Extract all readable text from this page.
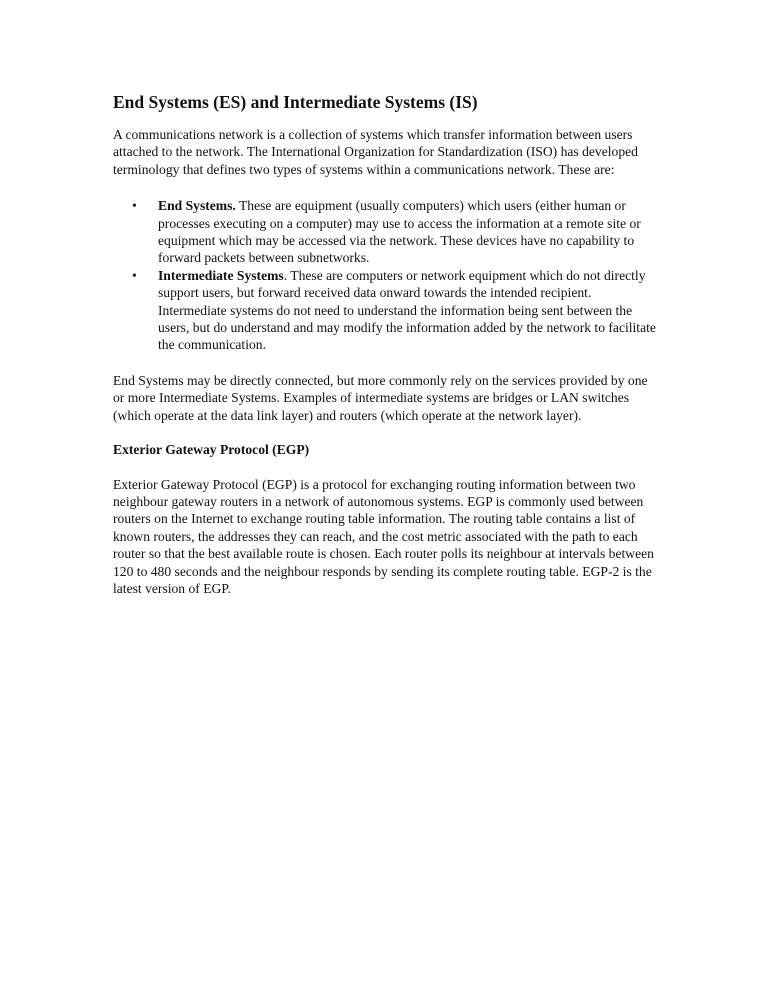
End Systems (ES) and Intermediate Systems (IS)

A communications network is a collection of systems which transfer information between users attached to the network. The International Organization for Standardization (ISO) has developed terminology that defines two types of systems within a communications network. These are:

• End Systems. These are equipment (usually computers) which users (either human or processes executing on a computer) may use to access the information at a remote site or equipment which may be accessed via the network. These devices have no capability to forward packets between subnetworks.
• Intermediate Systems. These are computers or network equipment which do not directly support users, but forward received data onward towards the intended recipient. Intermediate systems do not need to understand the information being sent between the users, but do understand and may modify the information added by the network to facilitate the communication.

End Systems may be directly connected, but more commonly rely on the services provided by one or more Intermediate Systems. Examples of intermediate systems are bridges or LAN switches (which operate at the data link layer) and routers (which operate at the network layer).

Exterior Gateway Protocol (EGP)

Exterior Gateway Protocol (EGP) is a protocol for exchanging routing information between two neighbour gateway routers in a network of autonomous systems. EGP is commonly used between routers on the Internet to exchange routing table information. The routing table contains a list of known routers, the addresses they can reach, and the cost metric associated with the path to each router so that the best available route is chosen. Each router polls its neighbour at intervals between 120 to 480 seconds and the neighbour responds by sending its complete routing table. EGP-2 is the latest version of EGP.
